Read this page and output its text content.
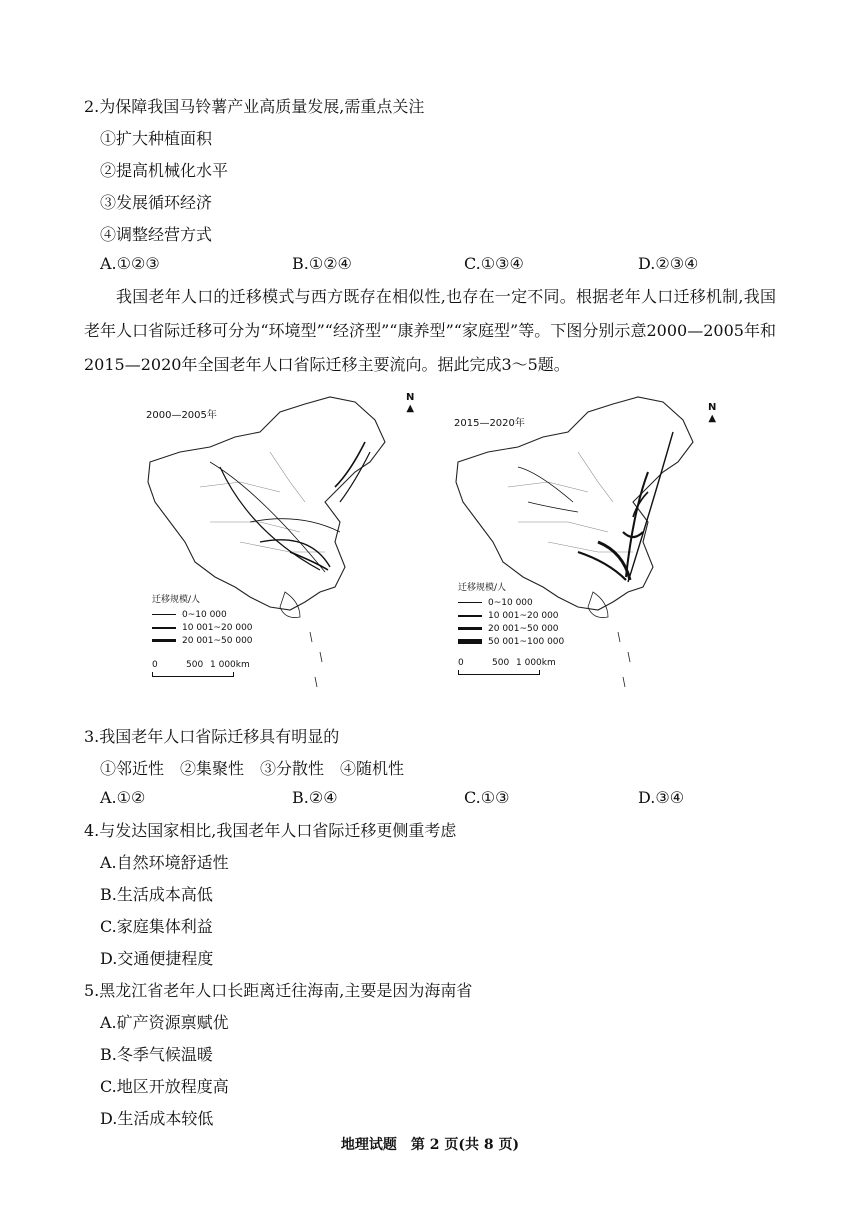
2.为保障我国马铃薯产业高质量发展,需重点关注
①扩大种植面积
②提高机械化水平
③发展循环经济
④调整经营方式
A.①②③	B.①②④	C.①③④	D.②③④
我国老年人口的迁移模式与西方既存在相似性,也存在一定不同。根据老年人口迁移机制,我国老年人口省际迁移可分为“环境型”“经济型”“康养型”“家庭型”等。下图分别示意2000—2005年和2015—2020年全国老年人口省际迁移主要流向。据此完成3～5题。
2000—2005年
N
▲
迁移规模/人
0~10 000
10 001~20 000
20 001~50 000
0	500 1 000km
2015—2020年
N
▲
迁移规模/人
0~10 000
10 001~20 000
20 001~50 000
50 001~100 000
0	500 1 000km
3.我国老年人口省际迁移具有明显的
①邻近性　②集聚性　③分散性　④随机性
A.①②	B.②④	C.①③	D.③④
4.与发达国家相比,我国老年人口省际迁移更侧重考虑
A.自然环境舒适性
B.生活成本高低
C.家庭集体利益
D.交通便捷程度
5.黑龙江省老年人口长距离迁往海南,主要是因为海南省
A.矿产资源禀赋优
B.冬季气候温暖
C.地区开放程度高
D.生活成本较低
地理试题　第 2 页(共 8 页)
